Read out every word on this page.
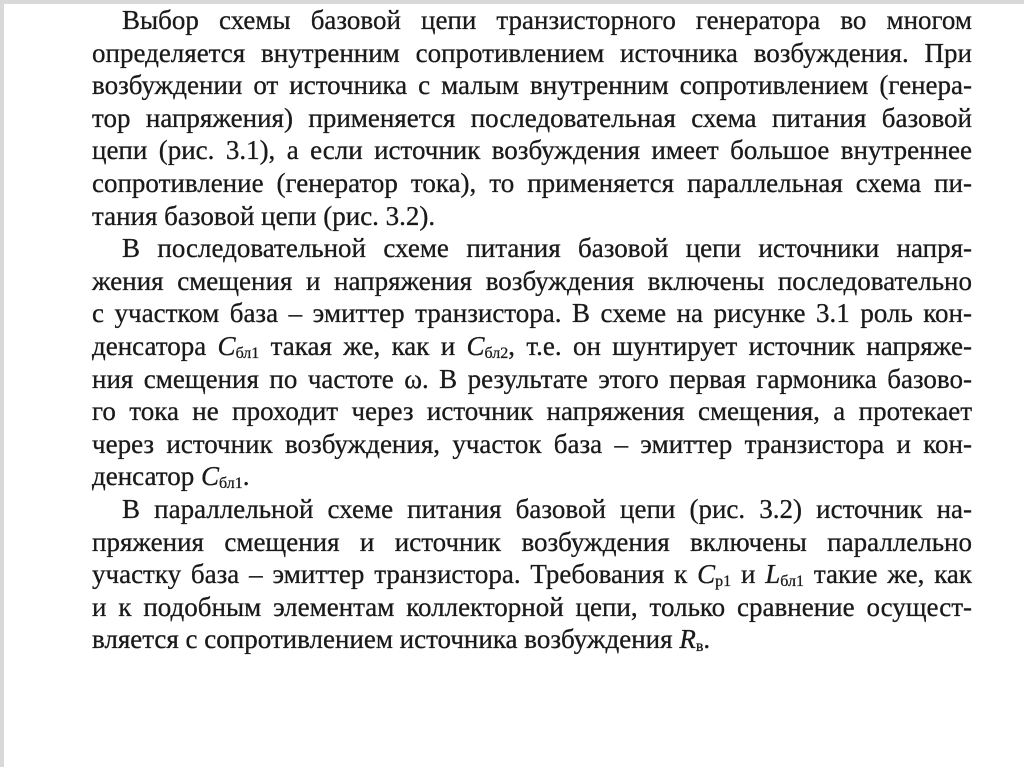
Выбор схемы базовой цепи транзисторного генератора во многом
определяется внутренним сопротивлением источника возбуждения. При
возбуждении от источника с малым внутренним сопротивлением (генера-
тор напряжения) применяется последовательная схема питания базовой
цепи (рис. 3.1), а если источник возбуждения имеет большое внутреннее
сопротивление (генератор тока), то применяется параллельная схема пи-
тания базовой цепи (рис. 3.2).
В последовательной схеме питания базовой цепи источники напря-
жения смещения и напряжения возбуждения включены последовательно
с участком база – эмиттер транзистора. В схеме на рисунке 3.1 роль кон-
денсатора $C_{бл1}$ такая же, как и $C_{бл2}$, т.е. он шунтирует источник напряже-
ния смещения по частоте ω. В результате этого первая гармоника базово-
го тока не проходит через источник напряжения смещения, а протекает
через источник возбуждения, участок база – эмиттер транзистора и кон-
денсатор $C_{бл1}$.
В параллельной схеме питания базовой цепи (рис. 3.2) источник на-
пряжения смещения и источник возбуждения включены параллельно
участку база – эмиттер транзистора. Требования к $C_{р1}$ и $L_{бл1}$ такие же, как
и к подобным элементам коллекторной цепи, только сравнение осущест-
вляется с сопротивлением источника возбуждения $R_в$.
